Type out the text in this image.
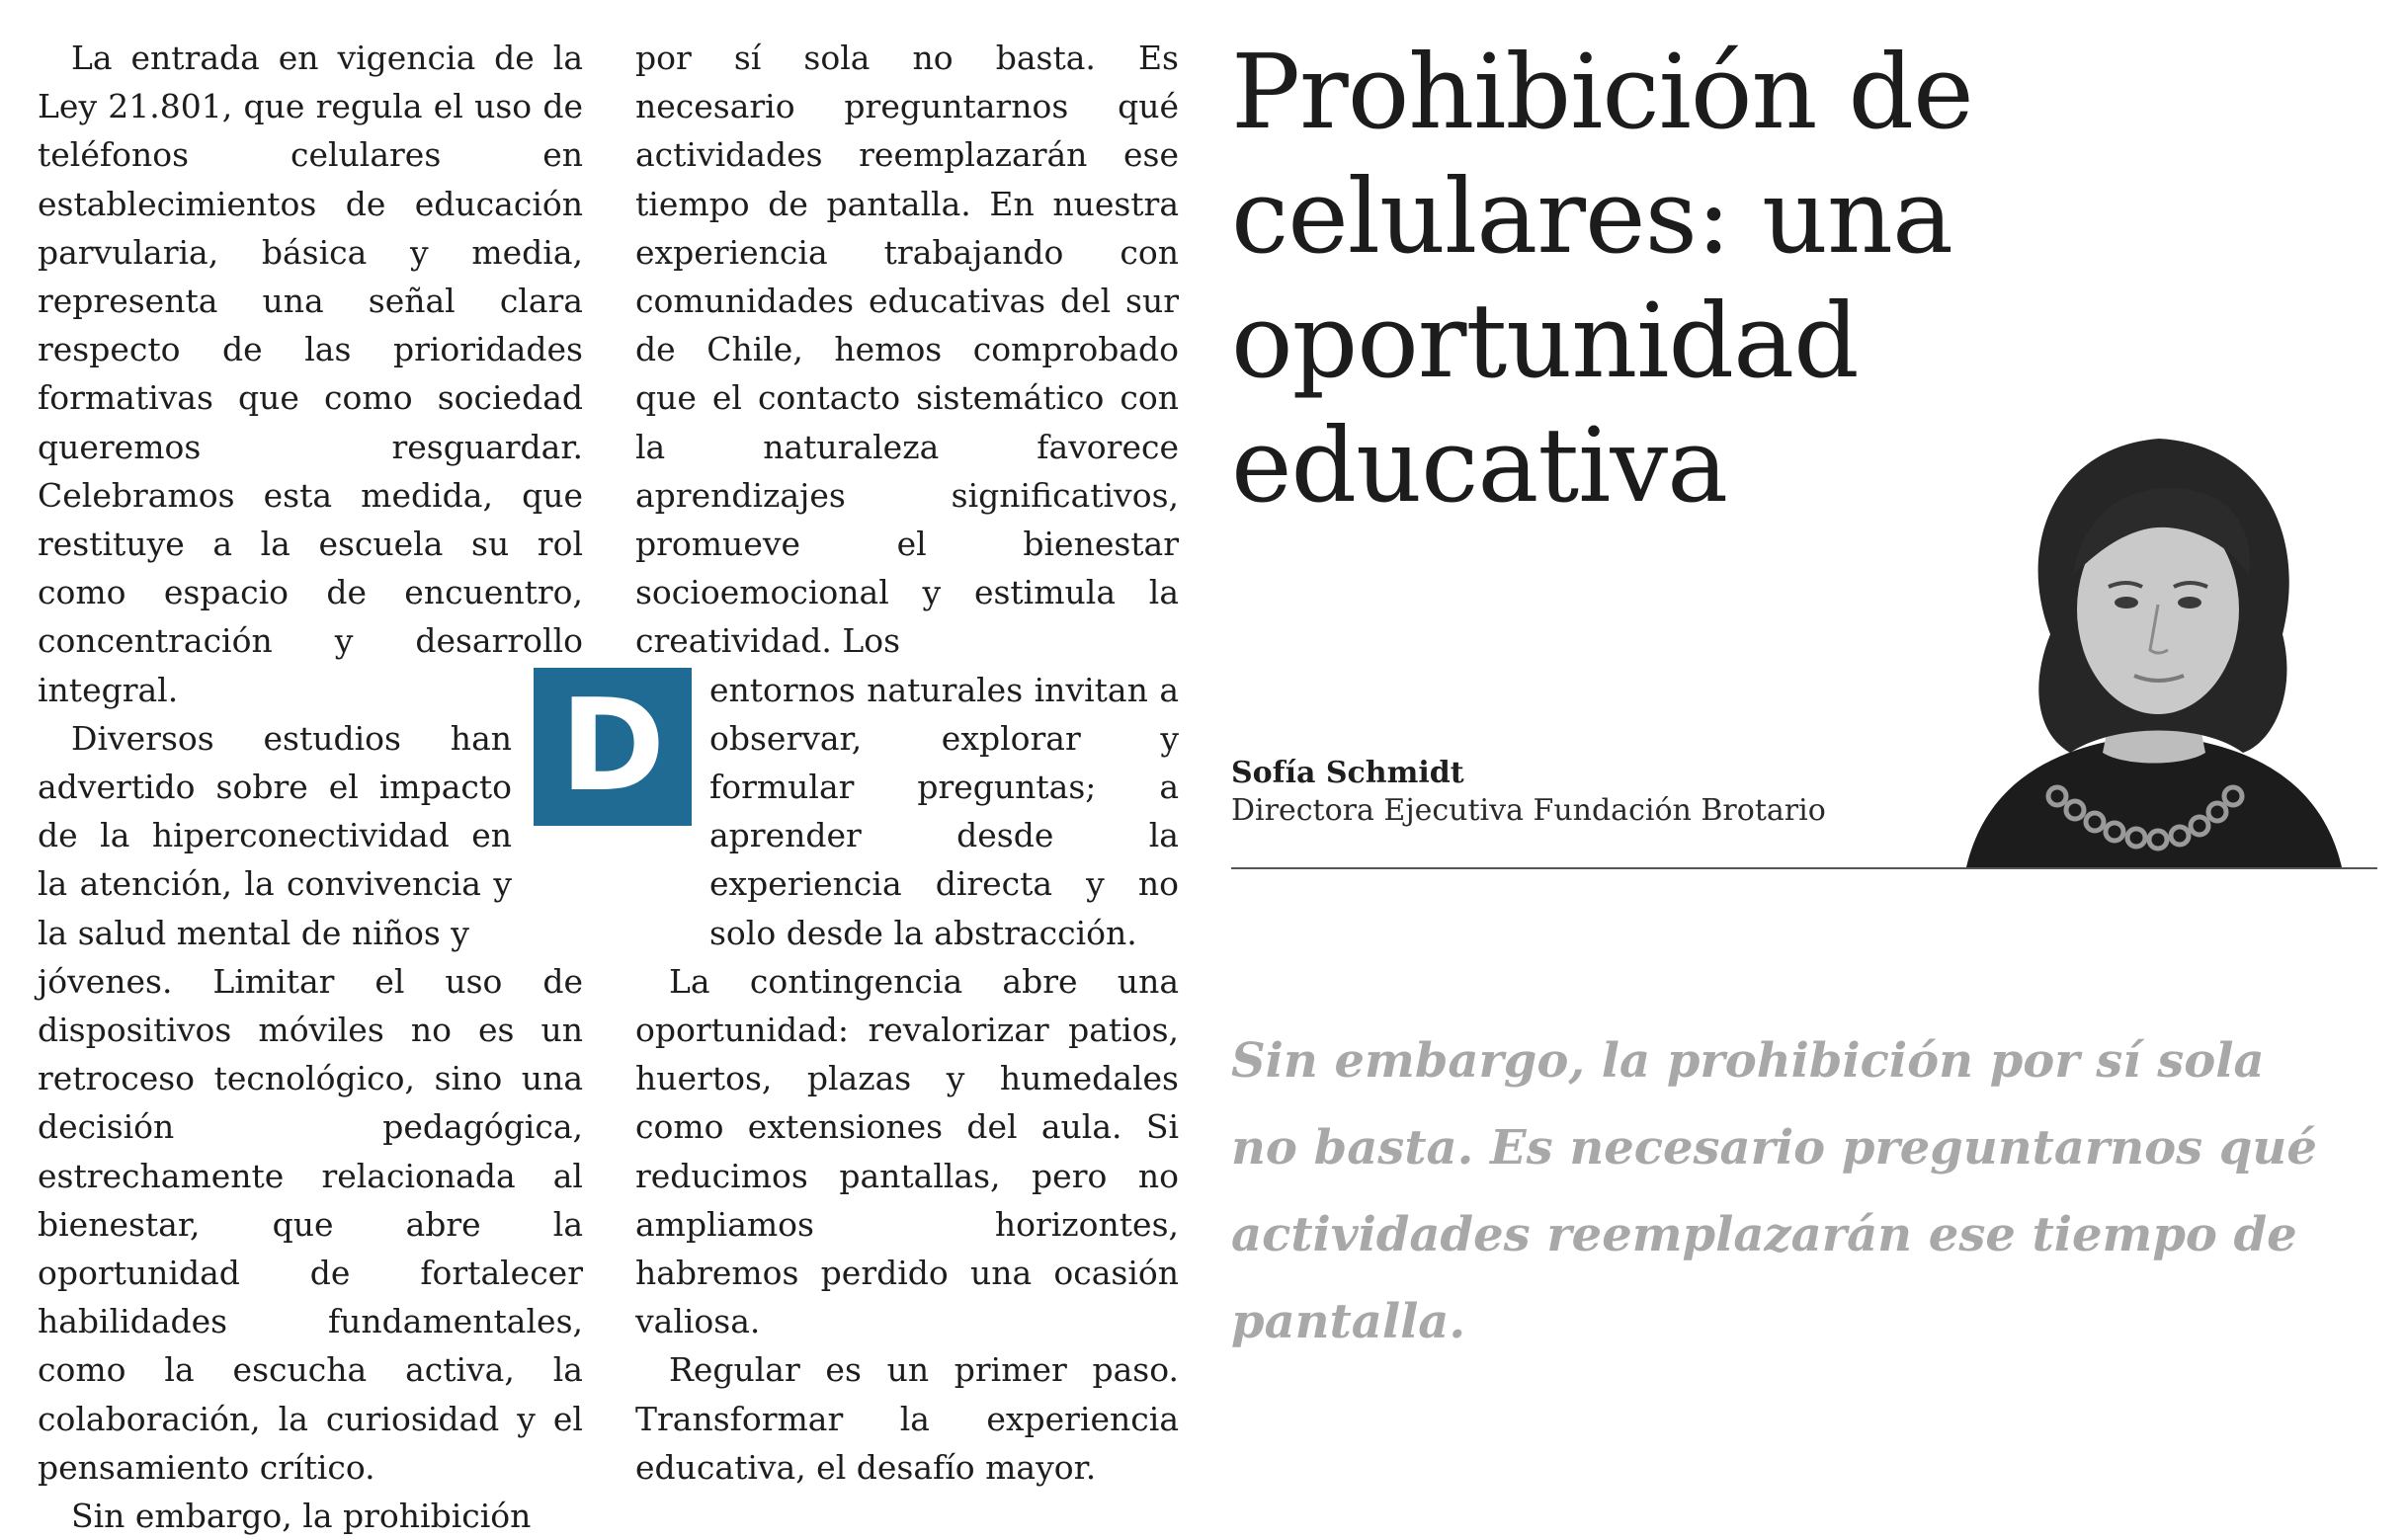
La entrada en vigencia de la Ley 21.801, que regula el uso de teléfonos celulares en establecimientos de educación parvularia, básica y media, representa una señal clara respecto de las prioridades formativas que como sociedad queremos resguardar. Celebramos esta medida, que restituye a la escuela su rol como espacio de encuentro, concentración y desarrollo integral.

Diversos estudios han advertido sobre el impacto de la hiperconectividad en la atención, la convivencia y la salud mental de niños y

jóvenes. Limitar el uso de dispositivos móviles no es un retroceso tecnológico, sino una decisión pedagógica, estrechamente relacionada al bienestar, que abre la oportunidad de fortalecer habilidades fundamentales, como la escucha activa, la colaboración, la curiosidad y el pensamiento crítico.

Sin embargo, la prohibición

D

por sí sola no basta. Es necesario preguntarnos qué actividades reemplazarán ese tiempo de pantalla. En nuestra experiencia trabajando con comunidades educativas del sur de Chile, hemos comprobado que el contacto sistemático con la naturaleza favorece aprendizajes significativos, promueve el bienestar socioemocional y estimula la creatividad. Los

entornos naturales invitan a observar, explorar y formular preguntas; a aprender desde la experiencia directa y no solo desde la abstracción.

La contingencia abre una oportunidad: revalorizar patios, huertos, plazas y humedales como extensiones del aula. Si reducimos pantallas, pero no ampliamos horizontes, habremos perdido una ocasión valiosa.

Regular es un primer paso. Transformar la experiencia educativa, el desafío mayor.

Prohibición de celulares: una oportunidad educativa
Sofía Schmidt
Directora Ejecutiva Fundación Brotario

Sin embargo, la prohibición por sí sola no basta. Es necesario preguntarnos qué actividades reemplazarán ese tiempo de pantalla.
